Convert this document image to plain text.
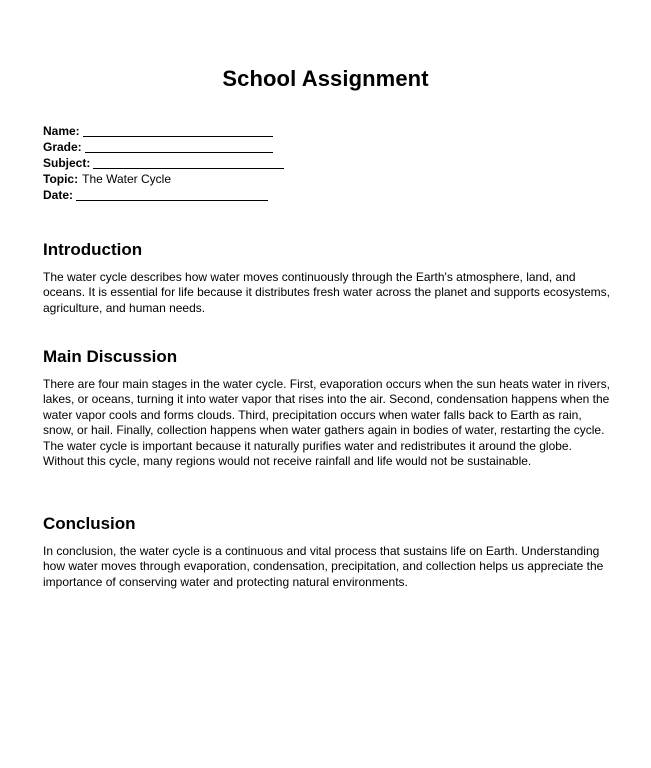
School Assignment
Name:
Grade:
Subject:
Topic: The Water Cycle
Date:
Introduction

The water cycle describes how water moves continuously through the Earth's atmosphere, land, and oceans. It is essential for life because it distributes fresh water across the planet and supports ecosystems, agriculture, and human needs.

Main Discussion

There are four main stages in the water cycle. First, evaporation occurs when the sun heats water in rivers, lakes, or oceans, turning it into water vapor that rises into the air. Second, condensation happens when the water vapor cools and forms clouds. Third, precipitation occurs when water falls back to Earth as rain, snow, or hail. Finally, collection happens when water gathers again in bodies of water, restarting the cycle. The water cycle is important because it naturally purifies water and redistributes it around the globe. Without this cycle, many regions would not receive rainfall and life would not be sustainable.

Conclusion

In conclusion, the water cycle is a continuous and vital process that sustains life on Earth. Understanding how water moves through evaporation, condensation, precipitation, and collection helps us appreciate the importance of conserving water and protecting natural environments.
